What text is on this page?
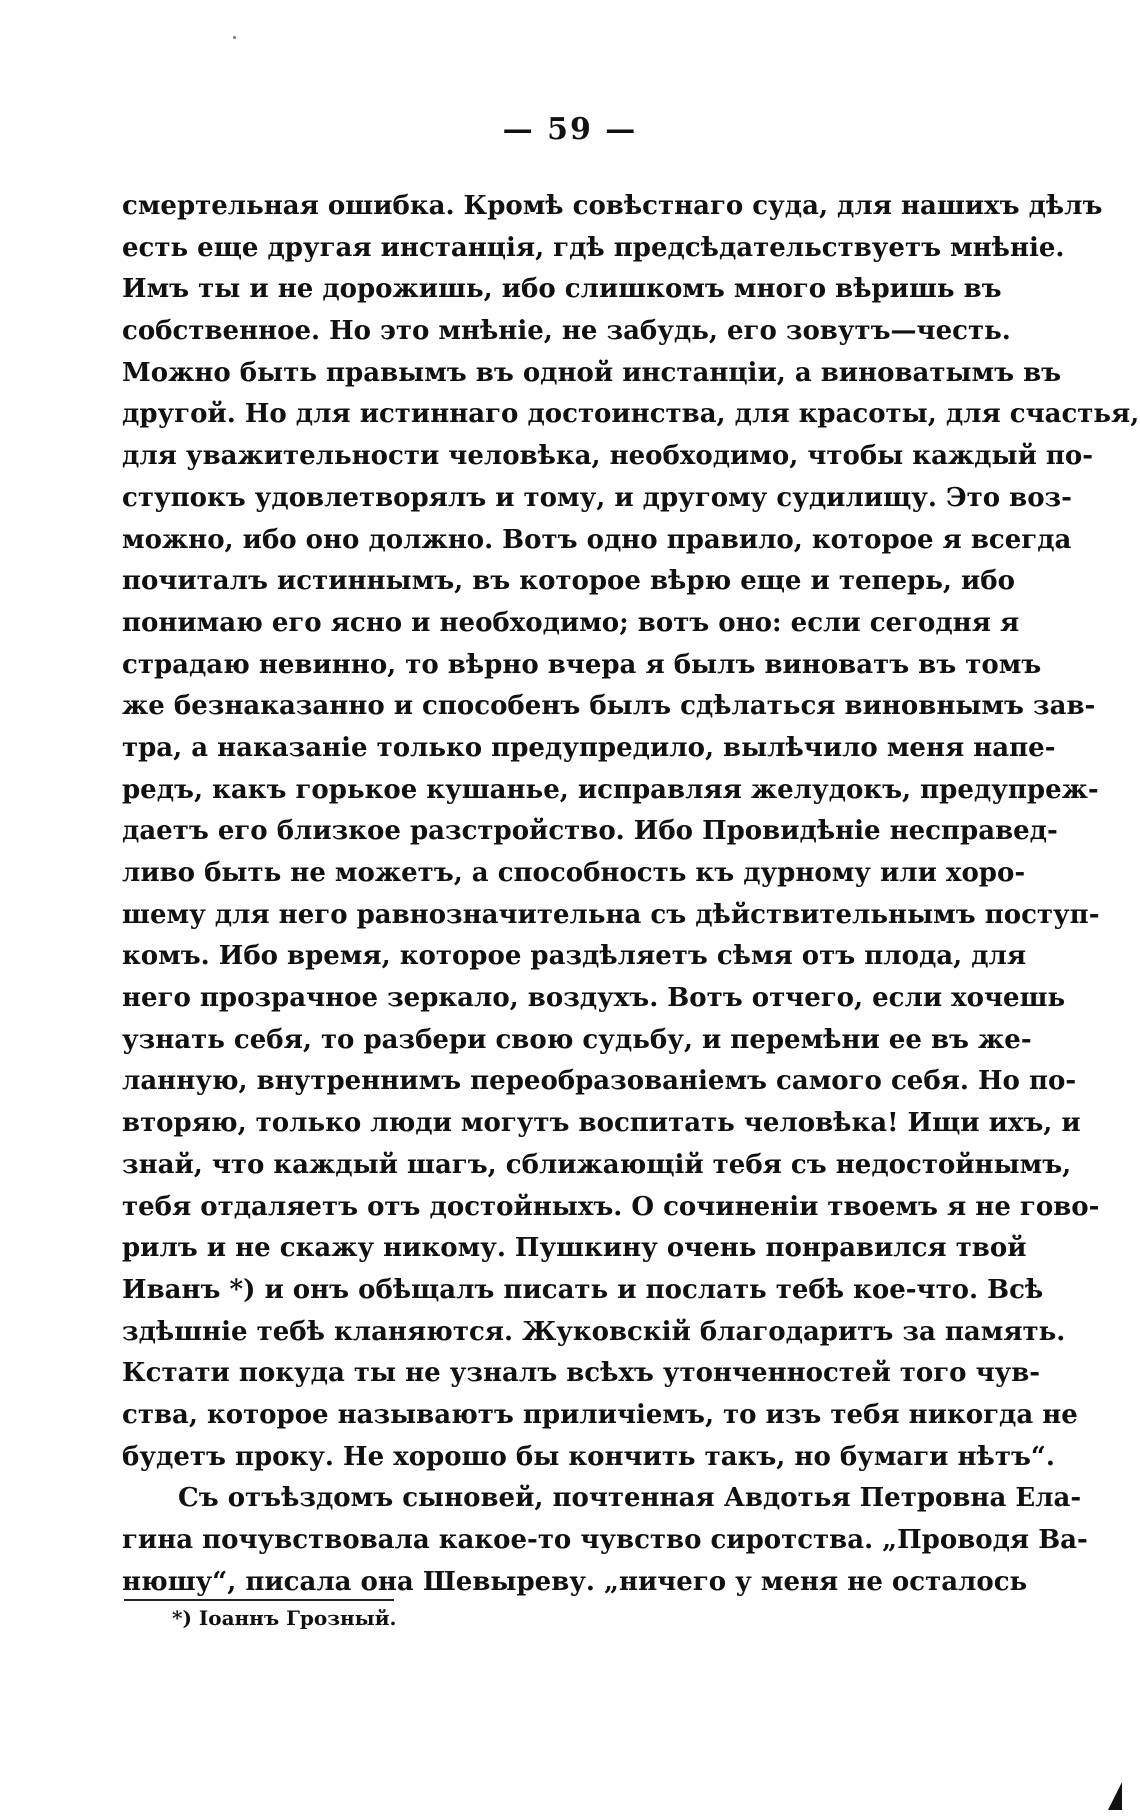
— 59 —
смертельная ошибка. Кромѣ совѣстнаго суда, для нашихъ дѣлъ
есть еще другая инстанція, гдѣ предсѣдательствуетъ мнѣніе.
Имъ ты и не дорожишь, ибо слишкомъ много вѣришь въ
собственное. Но это мнѣніе, не забудь, его зовутъ—честь.
Можно быть правымъ въ одной инстанціи, а виноватымъ въ
другой. Но для истиннаго достоинства, для красоты, для счастья,
для уважительности человѣка, необходимо, чтобы каждый по-
ступокъ удовлетворялъ и тому, и другому судилищу. Это воз-
можно, ибо оно должно. Вотъ одно правило, которое я всегда
почиталъ истиннымъ, въ которое вѣрю еще и теперь, ибо
понимаю его ясно и необходимо; вотъ оно: если сегодня я
страдаю невинно, то вѣрно вчера я былъ виноватъ въ томъ
же безнаказанно и способенъ былъ сдѣлаться виновнымъ зав-
тра, а наказаніе только предупредило, вылѣчило меня напе-
редъ, какъ горькое кушанье, исправляя желудокъ, предупреж-
даетъ его близкое разстройство. Ибо Провидѣніе несправед-
ливо быть не можетъ, а способность къ дурному или хоро-
шему для него равнозначительна съ дѣйствительнымъ поступ-
комъ. Ибо время, которое раздѣляетъ сѣмя отъ плода, для
него прозрачное зеркало, воздухъ. Вотъ отчего, если хочешь
узнать себя, то разбери свою судьбу, и перемѣни ее въ же-
ланную, внутреннимъ переобразованіемъ самого себя. Но по-
вторяю, только люди могутъ воспитать человѣка! Ищи ихъ, и
знай, что каждый шагъ, сближающій тебя съ недостойнымъ,
тебя отдаляетъ отъ достойныхъ. О сочиненіи твоемъ я не гово-
рилъ и не скажу никому. Пушкину очень понравился твой
Иванъ *) и онъ обѣщалъ писать и послать тебѣ кое-что. Всѣ
здѣшніе тебѣ кланяются. Жуковскій благодаритъ за память.
Кстати покуда ты не узналъ всѣхъ утонченностей того чув-
ства, которое называютъ приличіемъ, то изъ тебя никогда не
будетъ проку. Не хорошо бы кончить такъ, но бумаги нѣтъ“.
Съ отъѣздомъ сыновей, почтенная Авдотья Петровна Ела-
гина почувствовала какое-то чувство сиротства. „Проводя Ва-
нюшу“, писала она Шевыреву. „ничего у меня не осталось
*) Іоаннъ Грозный.
